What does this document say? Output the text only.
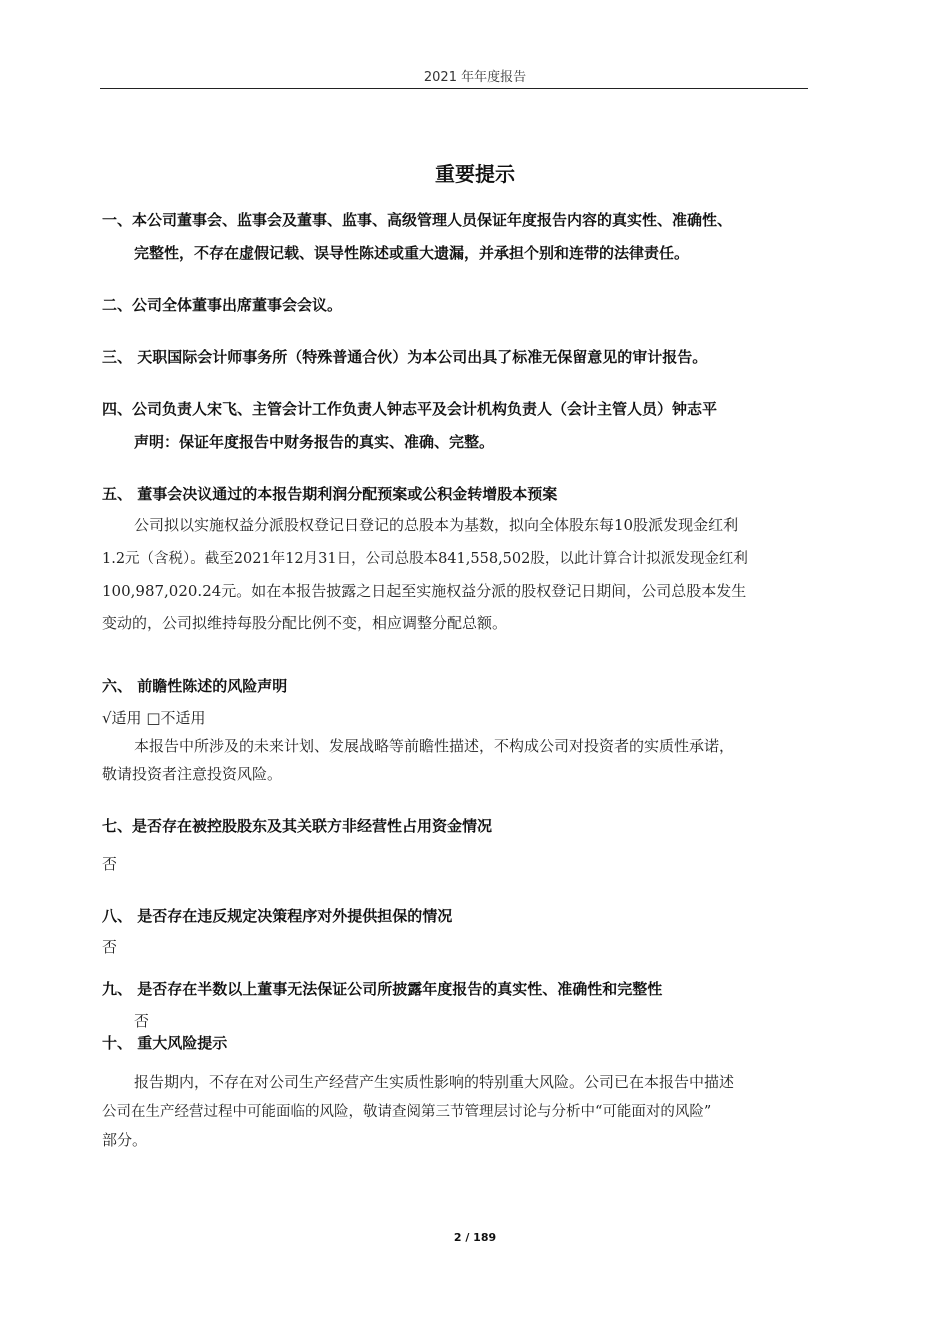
2021 年年度报告
重要提示
一、本公司董事会、监事会及董事、监事、高级管理人员保证年度报告内容的真实性、准确性、
完整性，不存在虚假记载、误导性陈述或重大遗漏，并承担个别和连带的法律责任。
二、公司全体董事出席董事会会议。
三、 天职国际会计师事务所（特殊普通合伙）为本公司出具了标准无保留意见的审计报告。
四、公司负责人宋飞、主管会计工作负责人钟志平及会计机构负责人（会计主管人员）钟志平
声明：保证年度报告中财务报告的真实、准确、完整。
五、 董事会决议通过的本报告期利润分配预案或公积金转增股本预案
公司拟以实施权益分派股权登记日登记的总股本为基数，拟向全体股东每10股派发现金红利
1.2元（含税）。截至2021年12月31日，公司总股本841,558,502股，以此计算合计拟派发现金红利
100,987,020.24元。如在本报告披露之日起至实施权益分派的股权登记日期间，公司总股本发生
变动的，公司拟维持每股分配比例不变，相应调整分配总额。
六、 前瞻性陈述的风险声明
√适用 □不适用
本报告中所涉及的未来计划、发展战略等前瞻性描述，不构成公司对投资者的实质性承诺，
敬请投资者注意投资风险。
七、是否存在被控股股东及其关联方非经营性占用资金情况
否
八、 是否存在违反规定决策程序对外提供担保的情况
否
九、 是否存在半数以上董事无法保证公司所披露年度报告的真实性、准确性和完整性
否
十、 重大风险提示
报告期内，不存在对公司生产经营产生实质性影响的特别重大风险。公司已在本报告中描述
公司在生产经营过程中可能面临的风险，敬请查阅第三节管理层讨论与分析中“可能面对的风险”
部分。
2 / 189
